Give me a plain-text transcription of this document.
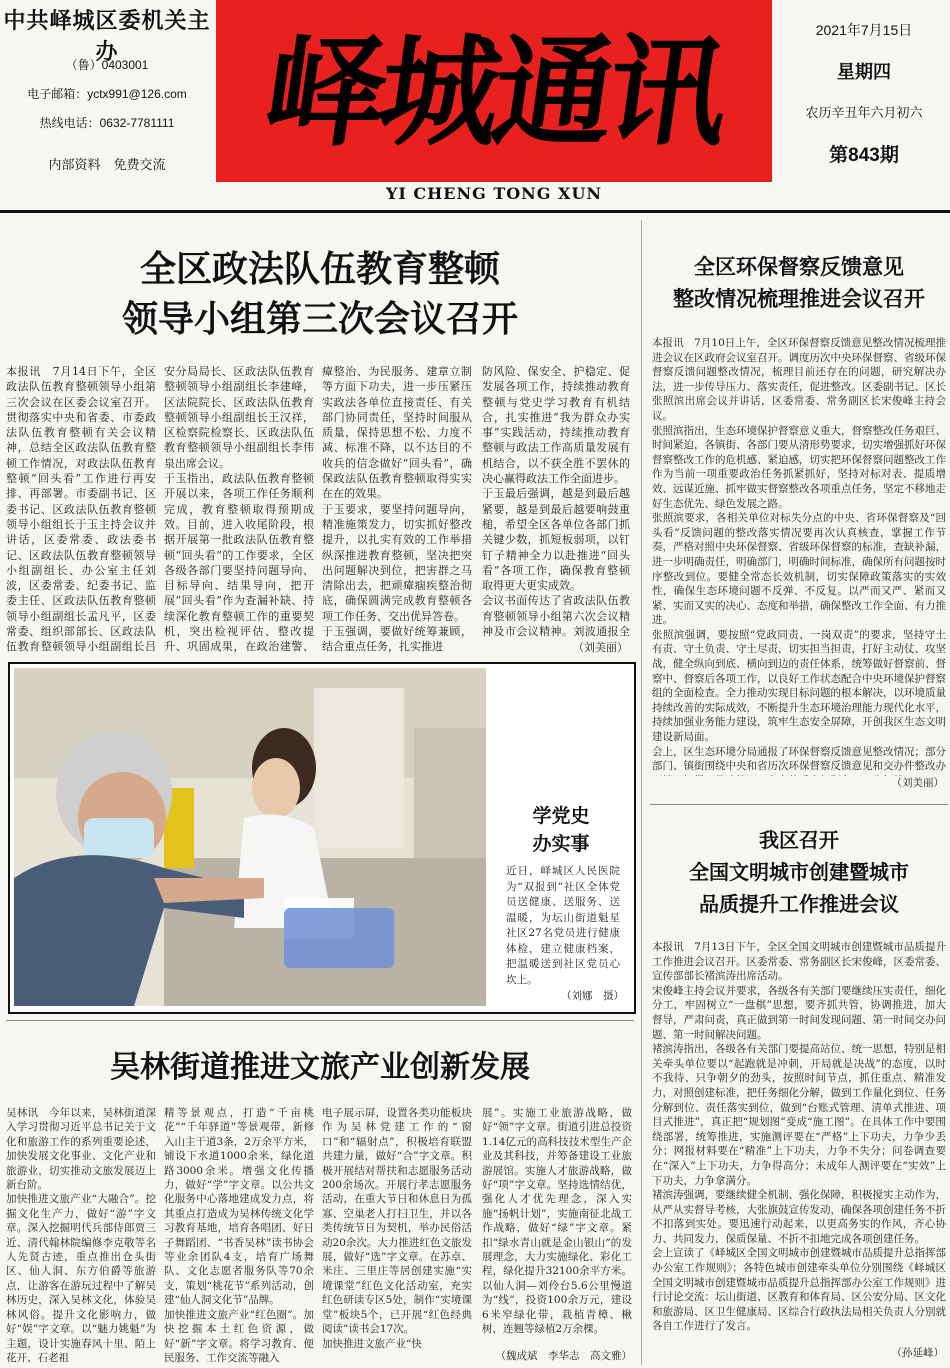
中共峄城区委机关主办
（鲁）0403001
电子邮箱：yctx991@126.com
热线电话：0632-7781111
内部资料　免费交流
峄城通讯	2021年7月15日
星期四
农历辛丑年六月初六
第843期
YI CHENG TONG XUN
全区政法队伍教育整顿
领导小组第三次会议召开
本报讯　7月14日下午，全区政法队伍教育整顿领导小组第三次会议在区委会议室召开。贯彻落实中央和省委、市委政法队伍教育整顿有关会议精神，总结全区政法队伍教育整顿工作情况，对政法队伍教育整顿“回头看”工作进行再安排、再部署。市委副书记、区委书记、区政法队伍教育整顿领导小组组长于玉主持会议并讲话，区委常委、政法委书记、区政法队伍教育整顿领导小组副组长、办公室主任刘波，区委常委、纪委书记、监委主任、区政法队伍教育整顿领导小组副组长孟凡平，区委常委、组织部部长、区政法队伍教育整顿领导小组副组长吕
安分局局长、区政法队伍教育整顿领导小组副组长李建峰，区法院院长、区政法队伍教育整顿领导小组副组长王汉祥，区检察院检察长、区政法队伍教育整顿领导小组副组长李伟泉出席会议。
于玉指出，政法队伍教育整顿开展以来，各项工作任务顺利完成，教育整顿取得预期成效。目前，进入收尾阶段，根据开展第一批政法队伍教育整顿“回头看”的工作要求，全区各级各部门要坚持问题导向、目标导向、结果导向，把开展“回头看”作为查漏补缺、持续深化教育整顿工作的重要契机，突出检视评估、整改提升、巩固成果，在政治建警、
瘴整治、为民服务、建章立制等方面下功夫，进一步压紧压实政法各单位直接责任、有关部门协同责任，坚持时间服从质量，保持思想不松、力度不减、标准不降，以不达目的不收兵的信念做好“回头看”，确保政法队伍教育整顿取得实实在在的效果。
于玉要求，要坚持问题导向，精准施策发力，切实抓好整改提升，以扎实有效的工作举措纵深推进教育整顿，坚决把突出问题解决到位，把害群之马清除出去，把顽瘴痼疾整治彻底，确保圆满完成教育整顿各项工作任务、交出优异答卷。
于玉强调，要做好统筹兼顾，结合重点任务，扎实推进
防风险、保安全、护稳定、促发展各项工作，持续推动教育整顿与党史学习教育有机结合，扎实推进“我为群众办实事”实践活动，持续推动教育整顿与政法工作高质量发展有机结合，以不获全胜不罢休的决心赢得政法工作全面进步。
于玉最后强调，越是到最后越紧要，越是到最后越要响鼓重槌，希望全区各单位各部门抓关键少数，抓短板弱项，以钉钉子精神全力以赴推进“回头看”各项工作，确保教育整顿取得更大更实成效。
会议书面传达了省政法队伍教育整顿领导小组第六次会议精神及市会议精神。刘波通报全
（刘美丽）
学党史
办实事
近日，峄城区人民医院为“双报到”社区全体党员送健康、送服务、送温暖，为坛山街道魁星社区27名党员进行健康体检，建立健康档案，把温暖送到社区党员心坎上。
（刘娜　摄）
全区环保督察反馈意见
整改情况梳理推进会议召开
本报讯　7月10日上午，全区环保督察反馈意见整改情况梳理推进会议在区政府会议室召开。调度历次中央环保督察、省级环保督察反馈问题整改情况，梳理目前还存在的问题，研究解决办法，进一步传导压力、落实责任，促进整改。区委副书记、区长张照滨出席会议并讲话，区委常委、常务副区长宋俊峰主持会议。
张照滨指出，生态环境保护督察意义重大，督察整改任务艰巨、时间紧迫，各镇街、各部门要从清形势要求，切实增强抓好环保督察整改工作的危机感、紧迫感，切实把环保督察问题整改工作作为当前一项重要政治任务抓紧抓好，坚持对标对表、提质增效、远谋近施、抓牢做实督察整改各项重点任务，坚定不移地走好生态优先、绿色发展之路。
张照滨要求，各相关单位对标失分点的中央、省环保督察及“回头看”反馈问题的整改落实情况要再次认真核查，掌握工作节奏，严格对照中央环保督察、省级环保督察的标准，查缺补漏，进一步明确责任，明确部门，明确时间标准，确保所有问题按时序整改到位。要健全常态长效机制，切实保障政策落实的实效性，确保生态环境问题不反弹、不反复。以严而又严、紧而又紧、实而又实的决心、态度和举措，确保整改工作全面、有力推进。
张照滨强调，要按照“党政同责、一岗双责”的要求，坚持守土有责、守土负责、守土尽责，切实担当担责，打好主动仗、攻坚战，健全纵向到底、横向到边的责任体系，统筹做好督察前、督察中、督察后各项工作，以良好工作状态配合中央环境保护督察组的全面检查。全力推动实现目标问题的根本解决，以环境质量持续改善的实际成效，不断提升生态环境治理能力现代化水平，持续加强业务能力建设，筑牢生态安全屏障，开创我区生态文明建设新局面。
会上，区生态环境分局通报了环保督察反馈意见整改情况；部分部门、镇街围绕中央和省历次环保督察反馈意见和交办件整改办
（刘美丽）
我区召开
全国文明城市创建暨城市
品质提升工作推进会议
本报讯　7月13日下午，全区全国文明城市创建暨城市品质提升工作推进会议召开。区委常委、常务副区长宋俊峰，区委常委、宣传部部长褚滨涛出席活动。
宋俊峰主持会议并要求，各级各有关部门要继续压实责任，细化分工，牢固树立“一盘棋”思想，要齐抓共管，协调推进，加大督导，严肃问责，真正做到第一时间发现问题、第一时间交办问题、第一时间解决问题。
褚滨涛指出，各级各有关部门要提高站位、统一思想，特别是相关牵头单位要以“起跑就是冲刺，开局就是决战”的态度，以时不我待、只争朝夕的劲头，按照时间节点，抓住重点、精准发力，对照创建标准，把任务细化分解，做到工作量化到位、任务分解到位、责任落实到位，做到“台账式管理、清单式推进、项目式推进”，真正把“规划图”变成“施工图”。在具体工作中要围绕部署，统筹推进，实施测评要在“严格”上下功夫，力争少丢分；网报材料要在“精准”上下功夫，力争不失分；问卷调查要在“深入”上下功夫，力争得高分；未成年人测评要在“实效”上下功夫，力争拿满分。
褚滨涛强调，要继续健全机制、强化保障，积极搅实主动作为，从严从实督导考核，大张旗鼓宣传发动，确保各项创建任务不折不扣落到实处。要迅速行动起来，以更高务实的作风，齐心协力、共同发力，保质保量、不折不扣地完成各项创建任务。
会上宣读了《峄城区全国文明城市创建暨城市品质提升总指挥部办公室工作规则》；各特色城市创建牵头单位分别围绕《峄城区全国文明城市创建暨城市品质提升总指挥部办公室工作规则》进行讨论交流：坛山街道、区教育和体育局、区公安分局、区文化和旅游局、区卫生健康局、区综合行政执法局相关负责人分别就各自工作进行了发言。
（孙延峰）
吴林街道推进文旅产业创新发展
吴林讯　今年以来，吴林街道深入学习贯彻习近平总书记关于文化和旅游工作的系列重要论述，加快发展文化事业、文化产业和旅游业，切实推动文旅发展迈上新台阶。
加快推进文旅产业“大融合”。挖掘文化生产力，做好“游”字文章。深入挖掘明代兵部侍郎贾三近、清代翰林院编修李克敬等名人先贤古迹，重点推出仓头街区、仙人洞、东方伯爵等旅游点，让游客在游玩过程中了解吴林历史，深入吴林文化，体验吴林风俗。提升文化影响力，做好“娱”字文章。以“魅力姚魁”为主题，设计实施春风十里、陌上花开、石老祖
精等景观点，打造“千亩桃花”“千年驿道”等景观带，新修入山主干道3条，2万余平方米，铺设下水道1000余米，绿化道路3000余米。增强文化传播力，做好“学”字文章。以公共文化服务中心落地建成发力点，将其重点打造成为吴林传统文化学习教育基地，培育各唱团、好日子舞蹈团、“书香吴林”读书协会等业余团队4支，培育广场舞队、文化志愿者服务队等70余支，策划“桃花节”系列活动，创建“仙人洞文化节”品牌。
加快推进文旅产业“红色圈”。加快挖掘本土红色资源，做好“新”字文章。将学习教育、便民服务、工作交流等融入
电子展示屏，设置各类功能板块作为吴林党建工作的“窗口”和“辐射点”，积极培育联盟共建力量，做好“合”字文章。积极开展结对帮扶和志愿服务活动200余场次。开展行孝志愿服务活动，在重大节日和休息日为孤寡、空巢老人打扫卫生，并以各类传统节日为契机，举办民俗活动20余次。大力推进红色文旅发展，做好“选”字文章。在苏卓、米庄、三里庄等居创建实施“实境课堂”红色文化活动室，充实红色研读专区5处，制作“实境课堂”板块5个，已开展“红色经典阅读”读书会17次。
加快推进文旅产业“快
展”。实施工业旅游战略，做好“领”字文章。街道引进总投资1.14亿元的高科技技术型生产企业及其科技，并筹备建设工业旅游展馆。实施人才旅游战略，做好“项”字文章。坚持选情结优，强化人才优先理念，深入实施“扬帆计划”，实施南征北战工作战略，做好“绿”字文章。紧扣“绿水青山就是金山银山”的发展理念，大力实施绿化、彩化工程，绿化提升32100余平方米。以仙人洞—刘伶台5.6公里慢道为“线”，投资100余万元，建设6米窄绿化带，栽植青樟、楸树，连翘等绿植2万余棵。
（魏成斌　李华志　高文雅）
